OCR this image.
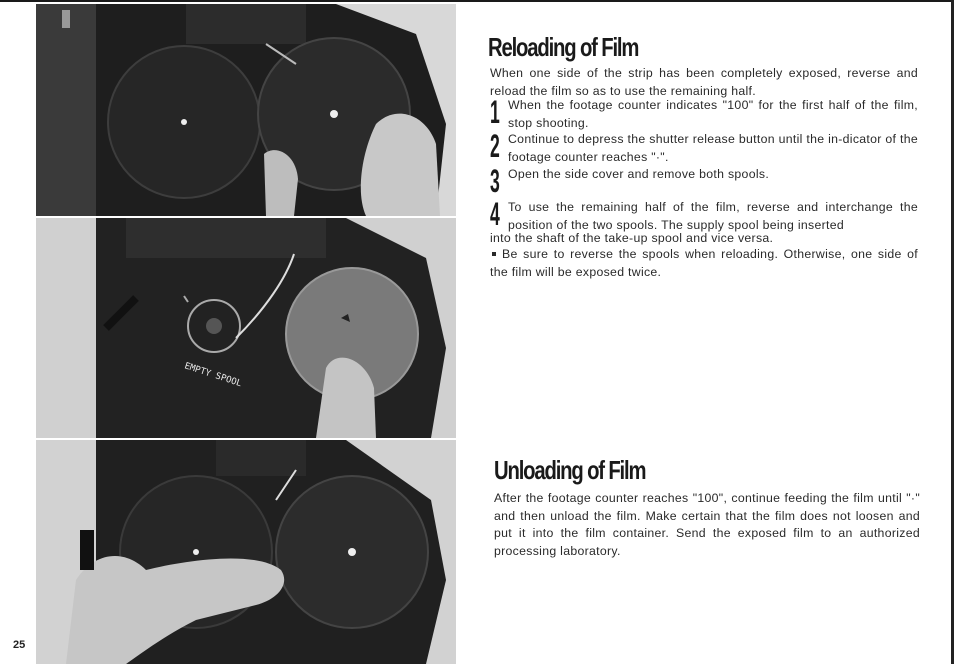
EMPTY SPOOL
25
Reloading of Film

When one side of the strip has been completely exposed, reverse and reload the film so as to use the remaining half.

1 When the footage counter indicates "100" for the first half of the film, stop shooting.

2 Continue to depress the shutter release button until the in-dicator of the footage counter reaches "·".

3 Open the side cover and remove both spools.

4 To use the remaining half of the film, reverse and interchange the position of the two spools. The supply spool being inserted

into the shaft of the take-up spool and vice versa.

Be sure to reverse the spools when reloading. Otherwise, one side of the film will be exposed twice.

Unloading of Film

After the footage counter reaches "100", continue feeding the film until "·" and then unload the film. Make certain that the film does not loosen and put it into the film container. Send the exposed film to an authorized processing laboratory.
